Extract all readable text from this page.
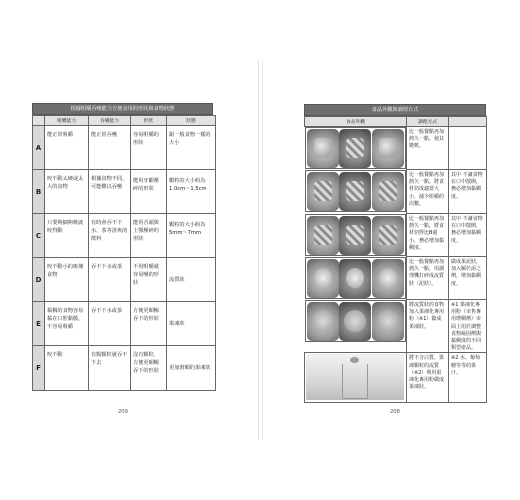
根據咀嚼吞嚥能力方便食用的形狀與食物狀態
	咀嚼能力	吞嚥能力	形狀	狀態
A	能正常咀嚼	能正常吞嚥	容易咀嚼的形狀	跟一般食物一樣的大小
B	咬不動太硬或太大的食物	根據食物不同，可能難以吞嚥	能用牙齦壓碎的形狀	顆粒的大小約為1.0cm～1.5cm
C	只要夠細夠軟就咬得動	有時會吞不下水、茶等清爽的飲料	能用舌頭與上顎壓碎的形狀	顆粒的大小約為 5mm～7mm
D	咬不動小的斑塊食物	吞不下水或茶	不用咀嚼就容易嚥的形狀	流質狀
E	黏稠的食物容易黏在口腔黏膜，不容易咀嚼	吞不下水或茶	方便更順暢吞下的形狀	果凍狀
F	咬不動	有點顆粒就吞不下去	沒有顆粒，方便更順暢吞下的形狀	更加滑順的果凍狀
209
食品外觀與調理方式
食品外觀	調理方式	

比一般餐點再加熱久一點，使其變軟。	

比一般餐點再加熱久一點，將食材切成適當大小，減少咀嚼的次數。	其中 不讓食物在口中散開，務必增加黏稠度。

比一般餐點再加熱久一點，將食材切得比B還小，務必增加黏稠度。	其中 不讓食物在口中散開，務必增加黏稠度。

比一般餐點再加熱久一點，用調理機打碎成流質狀（泥狀）。	做成果泥狀，加入解於添之劑，增加黏稠度。

將流質狀的食物加入果凍化專用粉（※1）做成果凍狀。	※1 果凍化專用粉（市售專用增稠劑）市面上用於調整食物凝固劑與黏稠度的不同類型產品。

	將不含白質，果凍顆粒的流質（※2）利用果凍化專用粉做成果凍狀。	※2 水、葡萄糖等等的果汁。
208
